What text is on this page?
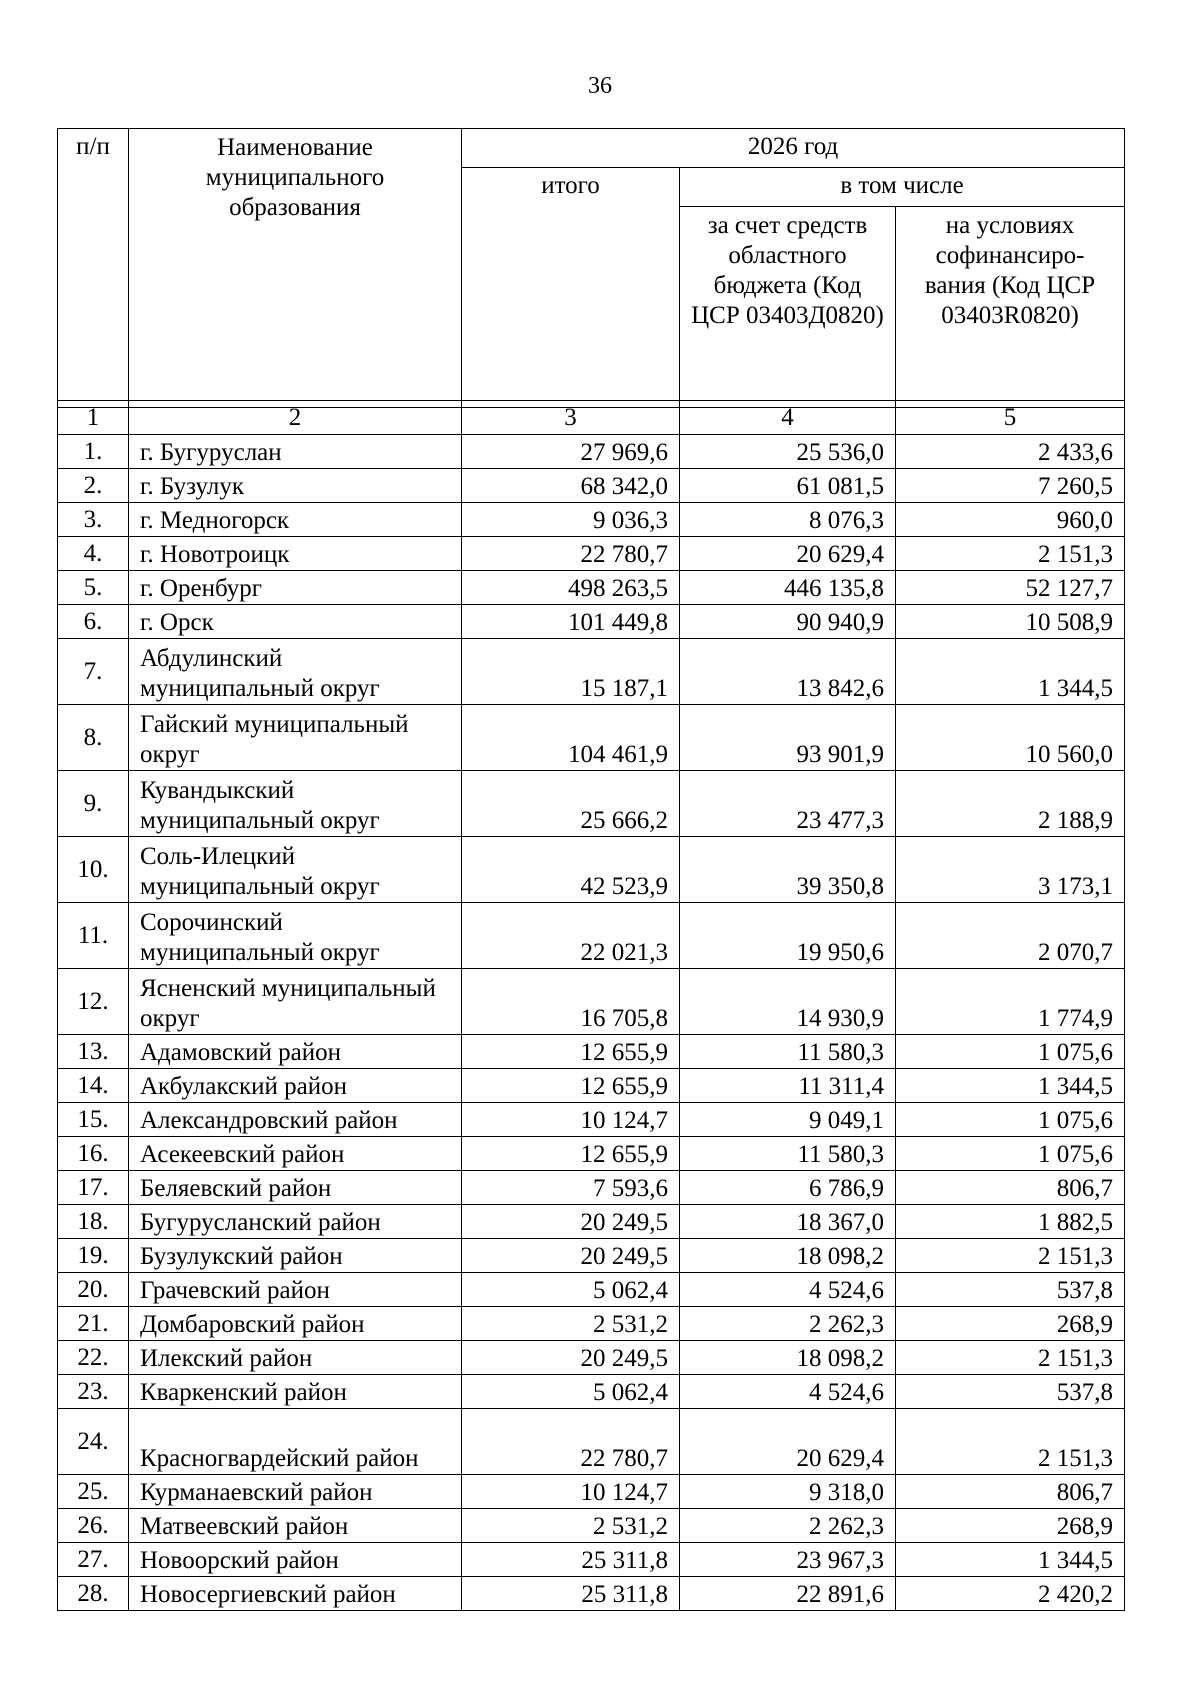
36
п/п	Наименование муниципального образования	2026 год		
		итого	в том числе	
			за счет средств областного бюджета (Код ЦСР 03403Д0820)	на условиях софинансиро-вания (Код ЦСР 03403R0820)
1	2	3	4	5
1.	г. Бугуруслан	27 969,6	25 536,0	2 433,6
2.	г. Бузулук	68 342,0	61 081,5	7 260,5
3.	г. Медногорск	9 036,3	8 076,3	960,0
4.	г. Новотроицк	22 780,7	20 629,4	2 151,3
5.	г. Оренбург	498 263,5	446 135,8	52 127,7
6.	г. Орск	101 449,8	90 940,9	10 508,9
7.	Абдулинский муниципальный округ	15 187,1	13 842,6	1 344,5
8.	Гайский муниципальный округ	104 461,9	93 901,9	10 560,0
9.	Кувандыкский муниципальный округ	25 666,2	23 477,3	2 188,9
10.	Соль-Илецкий муниципальный округ	42 523,9	39 350,8	3 173,1
11.	Сорочинский муниципальный округ	22 021,3	19 950,6	2 070,7
12.	Ясненский муниципальный округ	16 705,8	14 930,9	1 774,9
13.	Адамовский район	12 655,9	11 580,3	1 075,6
14.	Акбулакский район	12 655,9	11 311,4	1 344,5
15.	Александровский район	10 124,7	9 049,1	1 075,6
16.	Асекеевский район	12 655,9	11 580,3	1 075,6
17.	Беляевский район	7 593,6	6 786,9	806,7
18.	Бугурусланский район	20 249,5	18 367,0	1 882,5
19.	Бузулукский район	20 249,5	18 098,2	2 151,3
20.	Грачевский район	5 062,4	4 524,6	537,8
21.	Домбаровский район	2 531,2	2 262,3	268,9
22.	Илекский район	20 249,5	18 098,2	2 151,3
23.	Кваркенский район	5 062,4	4 524,6	537,8
24.	Красногвардейский район	22 780,7	20 629,4	2 151,3
25.	Курманаевский район	10 124,7	9 318,0	806,7
26.	Матвеевский район	2 531,2	2 262,3	268,9
27.	Новоорский район	25 311,8	23 967,3	1 344,5
28.	Новосергиевский район	25 311,8	22 891,6	2 420,2
